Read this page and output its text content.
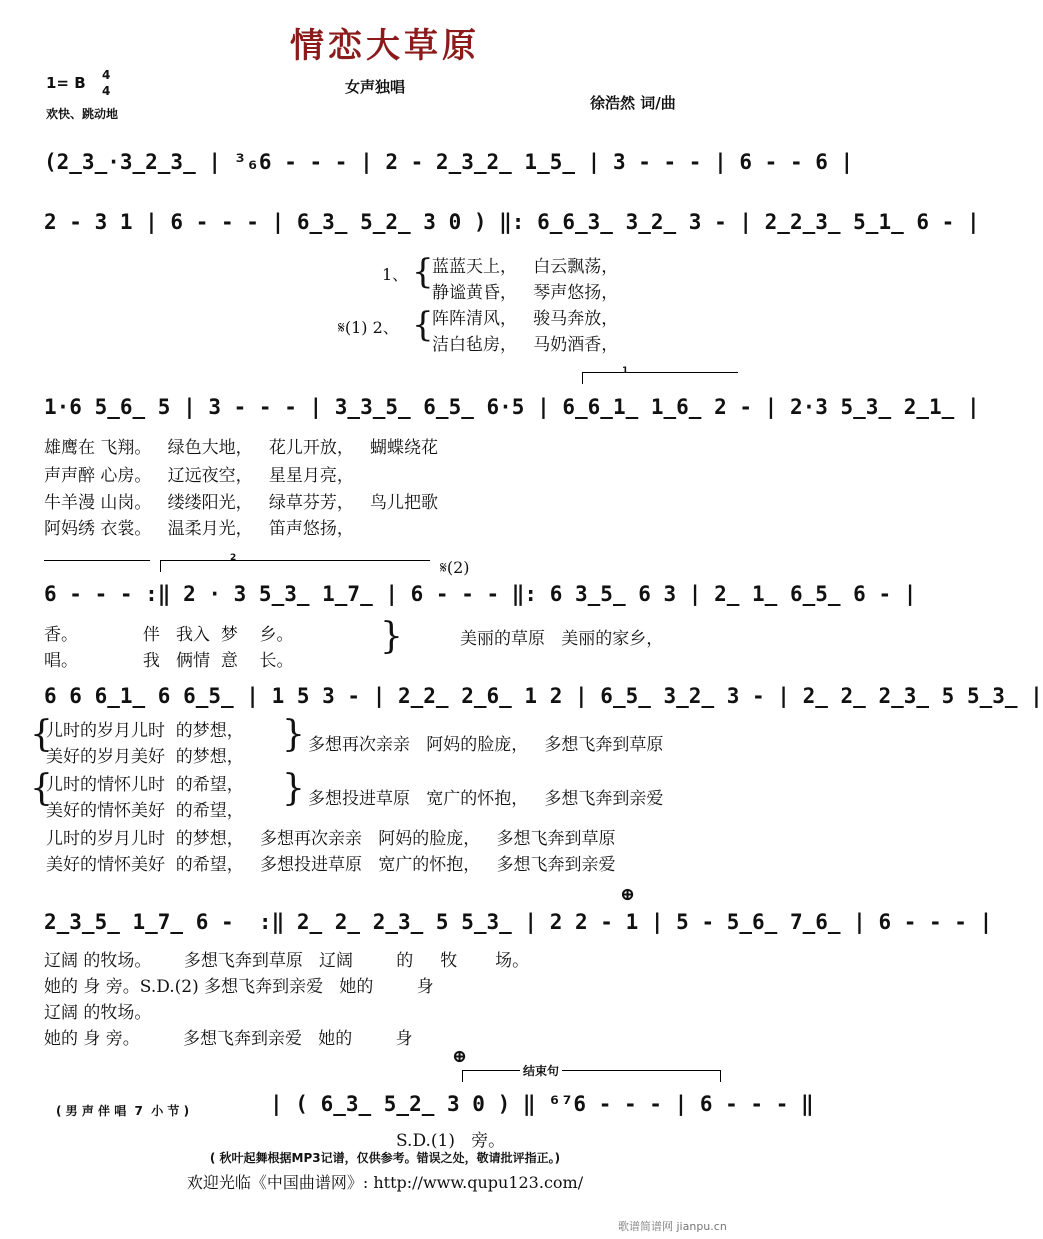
情恋大草原
1= B 4
4
欢快、跳动地
女声独唱
徐浩然 词/曲
(2̲3̲·3̲2̲3̲ | ³₆6 - - - | 2 - 2̲3̲2̲ 1̲5̲ | 3 - - - | 6 - - 6 |
2 - 3 1 | 6 - - - | 6̲3̲ 5̲2̲ 3 0 ) ‖: 6̲6̲3̲ 3̲2̲ 3 - | 2̲2̲3̲ 5̲1̲ 6 - |
1、 {
蓝蓝天上，   白云飘荡，
静谧黄昏，   琴声悠扬，
𝄋(1) 2、 {
阵阵清风，   骏马奔放，
洁白毡房，   马奶酒香，
1
1·6 5̲6̲ 5 | 3 - - - | 3̲3̲5̲ 6̲5̲ 6·5 | 6̲6̲1̲ 1̲6̲ 2 - | 2·3 5̲3̲ 2̲1̲ |
雄鹰在 飞翔。   绿色大地，   花儿开放，   蝴蝶绕花
声声醉 心房。   辽远夜空，   星星月亮，
牛羊漫 山岗。   缕缕阳光，   绿草芬芳，   鸟儿把歌
阿妈绣 衣裳。   温柔月光，   笛声悠扬，
2	𝄋(2)
6 - - - :‖ 2 · 3 5̲3̲ 1̲7̲ | 6 - - - ‖: 6 3̲5̲ 6 3 | 2̲ 1̲ 6̲5̲ 6 - |
香。            伴   我入  梦    乡。
唱。            我   俩情  意    长。
}	美丽的草原   美丽的家乡，
6 6 6̲1̲ 6 6̲5̲ | 1 5 3 - | 2̲2̲ 2̲6̲ 1 2 | 6̲5̲ 3̲2̲ 3 - | 2̲ 2̲ 2̲3̲ 5 5̲3̲ |
{
儿时的岁月儿时  的梦想，
美好的岁月美好  的梦想，
} 多想再次亲亲   阿妈的脸庞，   多想飞奔到草原
{
儿时的情怀儿时  的希望，
美好的情怀美好  的希望，
} 多想投进草原   宽广的怀抱，   多想飞奔到亲爱
儿时的岁月儿时  的梦想，   多想再次亲亲   阿妈的脸庞，   多想飞奔到草原
美好的情怀美好  的希望，   多想投进草原   宽广的怀抱，   多想飞奔到亲爱
⊕
2̲3̲5̲ 1̲7̲ 6 -  :‖ 2̲ 2̲ 2̲3̲ 5 5̲3̲ | 2 2 - 1 | 5 - 5̲6̲ 7̲6̲ | 6 - - - |
辽阔 的牧场。      多想飞奔到草原   辽阔        的     牧       场。
她的 身 旁。S.D.(2) 多想飞奔到亲爱   她的        身
辽阔 的牧场。
她的 身 旁。        多想飞奔到亲爱   她的        身
⊕
结束句
( 男 声 伴 唱  7  小 节 )	| ( 6̲3̲ 5̲2̲ 3 0 ) ‖ ⁶⁷6 - - - | 6 - - - ‖
S.D.(1)   旁。
( 秋叶起舞根据MP3记谱，仅供参考。错误之处，敬请批评指正。)
欢迎光临《中国曲谱网》: http://www.qupu123.com/
歌谱简谱网 jianpu.cn
